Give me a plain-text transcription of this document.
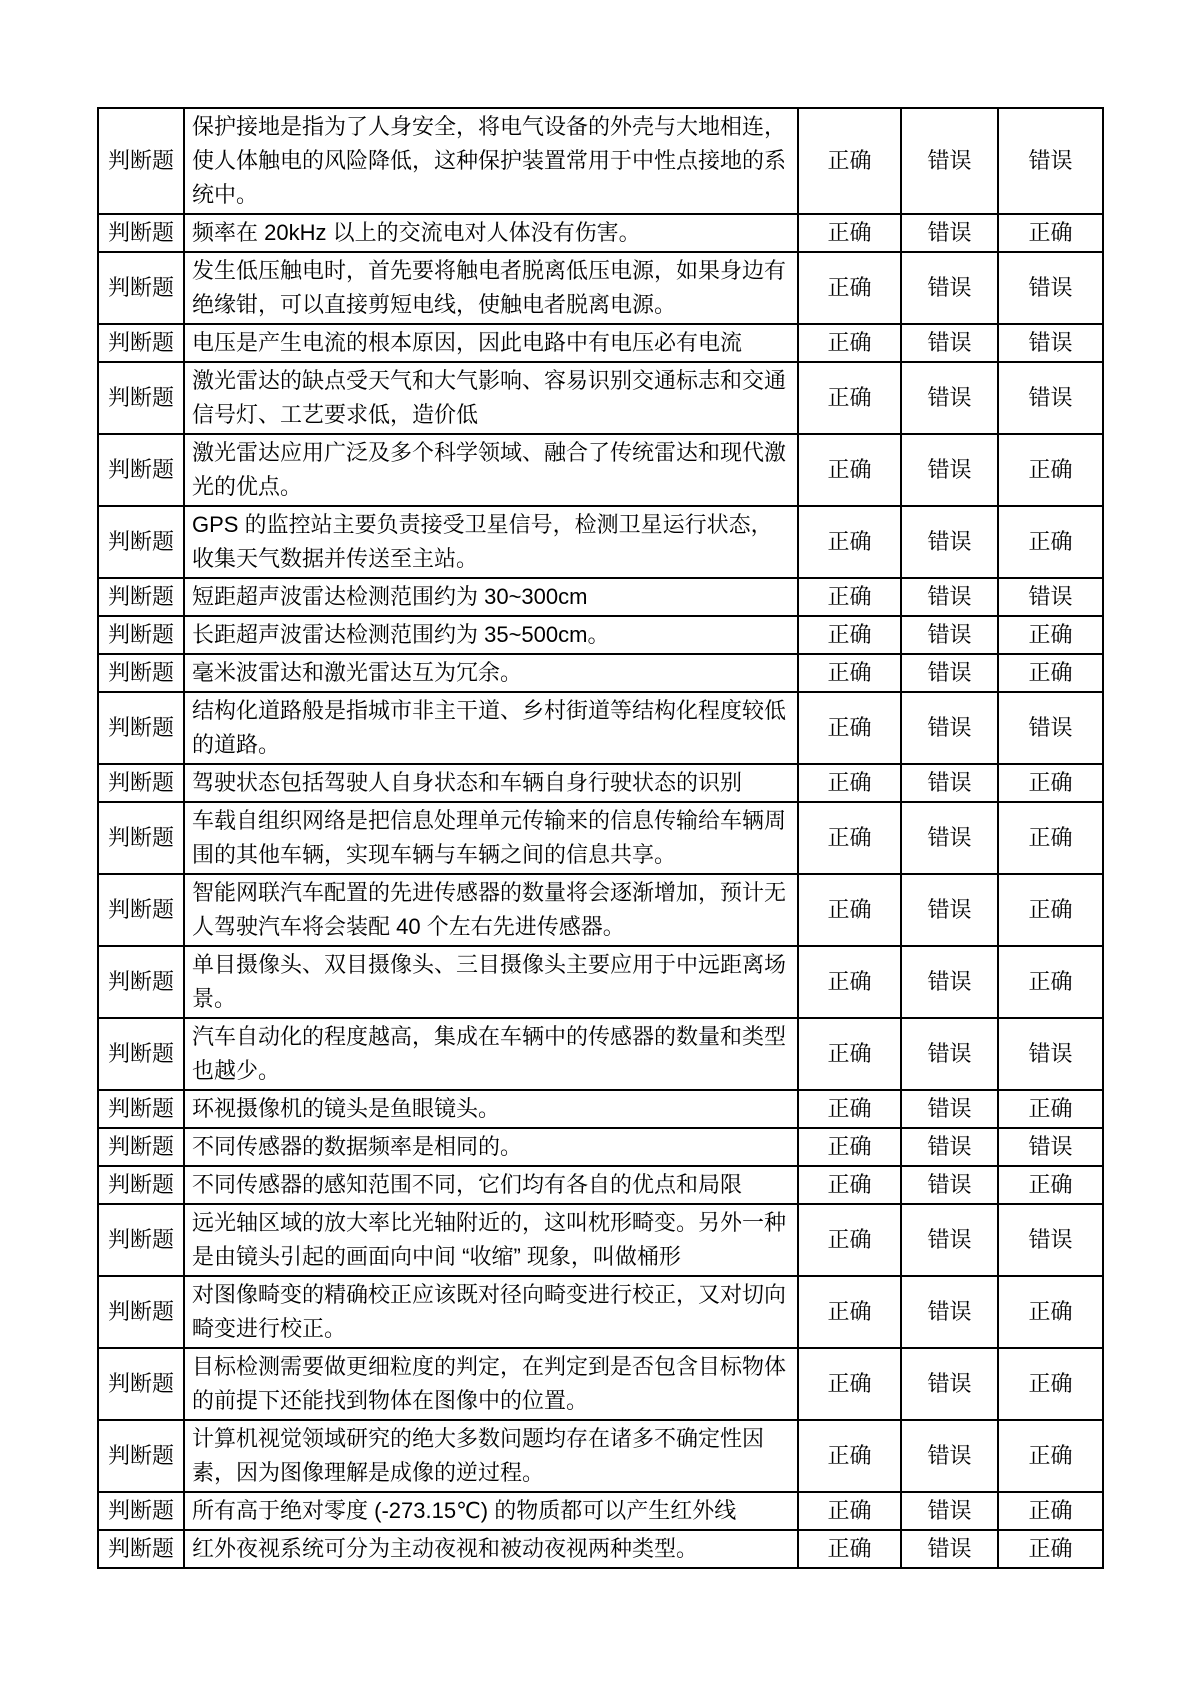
判断题	保护接地是指为了人身安全，将电气设备的外壳与大地相连，使人体触电的风险降低，这种保护装置常用于中性点接地的系统中。	正确	错误	错误
判断题	频率在 20kHz 以上的交流电对人体没有伤害。	正确	错误	正确
判断题	发生低压触电时，首先要将触电者脱离低压电源，如果身边有绝缘钳，可以直接剪短电线，使触电者脱离电源。	正确	错误	错误
判断题	电压是产生电流的根本原因，因此电路中有电压必有电流	正确	错误	错误
判断题	激光雷达的缺点受天气和大气影响、容易识别交通标志和交通信号灯、工艺要求低，造价低	正确	错误	错误
判断题	激光雷达应用广泛及多个科学领域、融合了传统雷达和现代激光的优点。	正确	错误	正确
判断题	GPS 的监控站主要负责接受卫星信号，检测卫星运行状态，收集天气数据并传送至主站。	正确	错误	正确
判断题	短距超声波雷达检测范围约为 30~300cm	正确	错误	错误
判断题	长距超声波雷达检测范围约为 35~500cm。	正确	错误	正确
判断题	毫米波雷达和激光雷达互为冗余。	正确	错误	正确
判断题	结构化道路般是指城市非主干道、乡村街道等结构化程度较低的道路。	正确	错误	错误
判断题	驾驶状态包括驾驶人自身状态和车辆自身行驶状态的识别	正确	错误	正确
判断题	车载自组织网络是把信息处理单元传输来的信息传输给车辆周围的其他车辆，实现车辆与车辆之间的信息共享。	正确	错误	正确
判断题	智能网联汽车配置的先进传感器的数量将会逐渐增加，预计无人驾驶汽车将会装配 40 个左右先进传感器。	正确	错误	正确
判断题	单目摄像头、双目摄像头、三目摄像头主要应用于中远距离场景。	正确	错误	正确
判断题	汽车自动化的程度越高，集成在车辆中的传感器的数量和类型也越少。	正确	错误	错误
判断题	环视摄像机的镜头是鱼眼镜头。	正确	错误	正确
判断题	不同传感器的数据频率是相同的。	正确	错误	错误
判断题	不同传感器的感知范围不同，它们均有各自的优点和局限	正确	错误	正确
判断题	远光轴区域的放大率比光轴附近的，这叫枕形畸变。另外一种是由镜头引起的画面向中间 “收缩” 现象，叫做桶形	正确	错误	错误
判断题	对图像畸变的精确校正应该既对径向畸变进行校正，又对切向畸变进行校正。	正确	错误	正确
判断题	目标检测需要做更细粒度的判定，在判定到是否包含目标物体的前提下还能找到物体在图像中的位置。	正确	错误	正确
判断题	计算机视觉领域研究的绝大多数问题均存在诸多不确定性因素，因为图像理解是成像的逆过程。	正确	错误	正确
判断题	所有高于绝对零度 (-273.15℃) 的物质都可以产生红外线	正确	错误	正确
判断题	红外夜视系统可分为主动夜视和被动夜视两种类型。	正确	错误	正确
